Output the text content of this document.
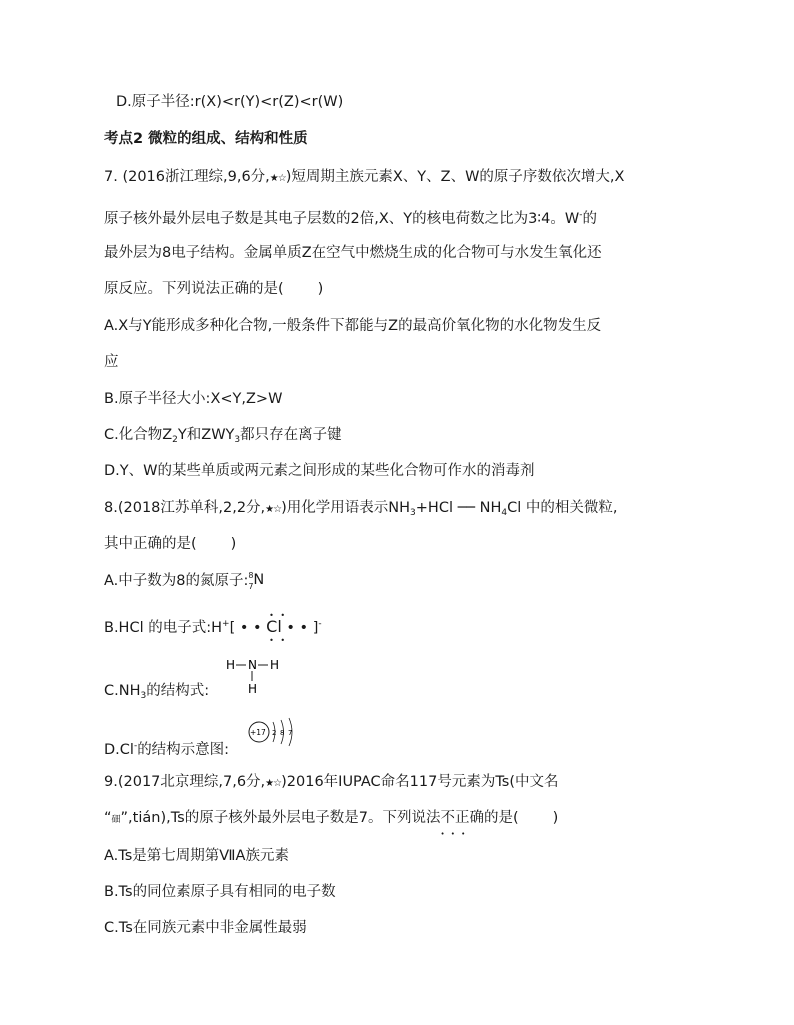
D.原子半径:r(X)<r(Y)<r(Z)<r(W)
考点2 微粒的组成、结构和性质
7. (2016浙江理综,9,6分,★☆)短周期主族元素X、Y、Z、W的原子序数依次增大,X
原子核外最外层电子数是其电子层数的2倍,X、Y的核电荷数之比为3∶4。W-的
最外层为8电子结构。金属单质Z在空气中燃烧生成的化合物可与水发生氧化还
原反应。下列说法正确的是( )
A.X与Y能形成多种化合物,一般条件下都能与Z的最高价氧化物的水化物发生反
应
B.原子半径大小:X<Y,Z>W
C.化合物$Z_2Y$和$ZWY_3$都只存在离子键
D.Y、W的某些单质或两元素之间形成的某些化合物可作水的消毒剂
8.(2018江苏单科,2,2分,★☆)用化学用语表示$NH_3+HCl$ ── $NH_4Cl$ 中的相关微粒,
其中正确的是( )
A.中子数为8的氮原子: 8
7 N
B.HCl 的电子式:H+[ • •
• •
Cl
• •
• • ]-
H N H
H
$C.NH_3$的结构式:
D.Cl-的结构示意图:
+17 2 8 7
9.(2017北京理综,7,6分,★☆)2016年IUPAC命名117号元素为Ts(中文名
“鿬”,tián),Ts的原子核外最外层电子数是7。下列说法不正确 • • •的是( )
A.Ts是第七周期第ⅦA族元素
B.Ts的同位素原子具有相同的电子数
C.Ts在同族元素中非金属性最弱
